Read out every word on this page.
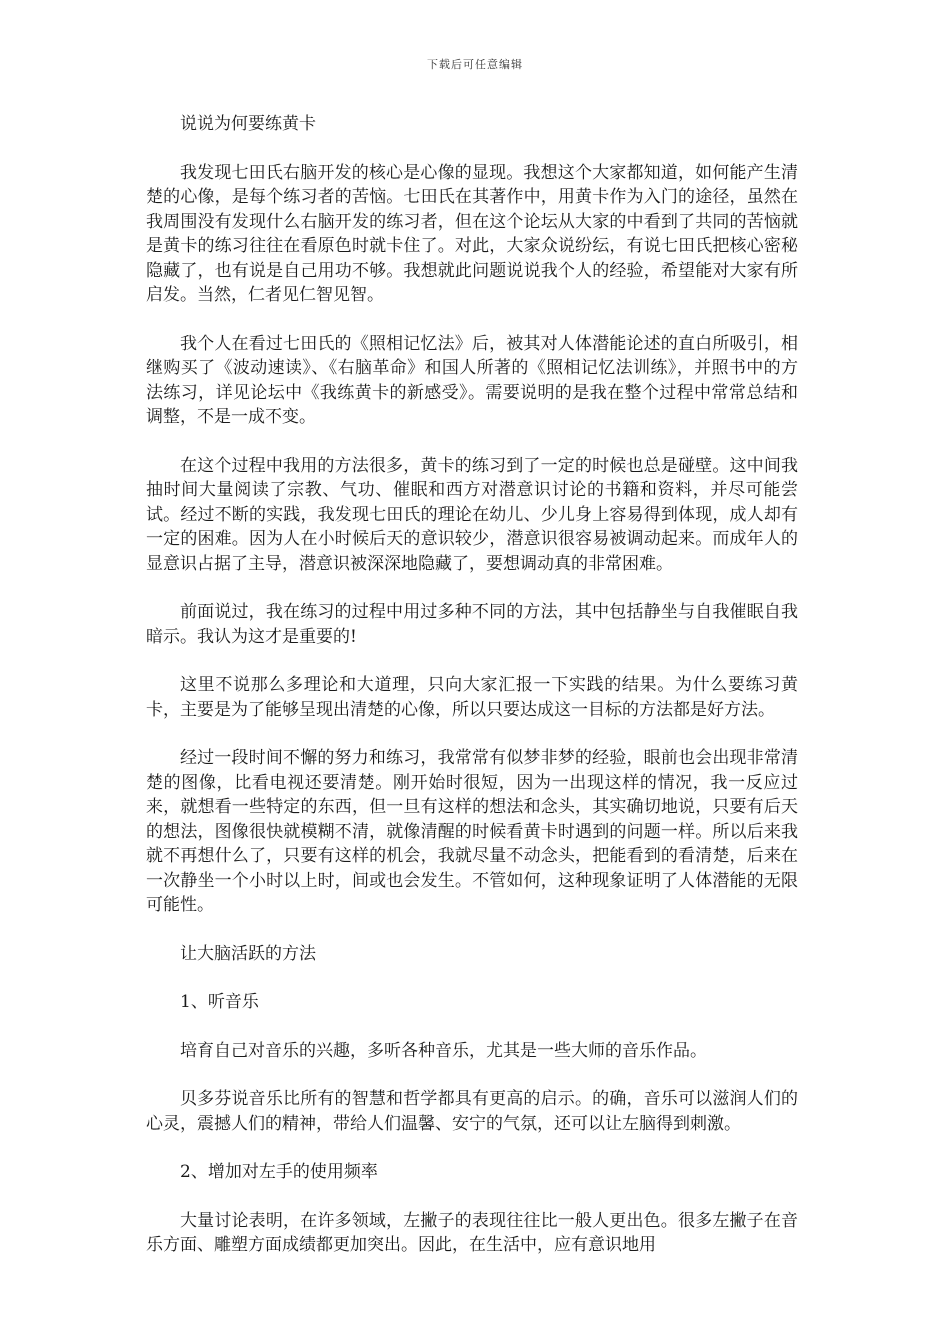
下载后可任意编辑

说说为何要练黄卡

我发现七田氏右脑开发的核心是心像的显现。我想这个大家都知道，如何能产生清楚的心像，是每个练习者的苦恼。七田氏在其著作中，用黄卡作为入门的途径，虽然在我周围没有发现什么右脑开发的练习者，但在这个论坛从大家的中看到了共同的苦恼就是黄卡的练习往往在看原色时就卡住了。对此，大家众说纷纭，有说七田氏把核心密秘隐藏了，也有说是自己用功不够。我想就此问题说说我个人的经验，希望能对大家有所启发。当然，仁者见仁智见智。

我个人在看过七田氏的《照相记忆法》后，被其对人体潜能论述的直白所吸引，相继购买了《波动速读》、《右脑革命》和国人所著的《照相记忆法训练》，并照书中的方法练习，详见论坛中《我练黄卡的新感受》。需要说明的是我在整个过程中常常总结和调整，不是一成不变。

在这个过程中我用的方法很多，黄卡的练习到了一定的时候也总是碰壁。这中间我抽时间大量阅读了宗教、气功、催眠和西方对潜意识讨论的书籍和资料，并尽可能尝试。经过不断的实践，我发现七田氏的理论在幼儿、少儿身上容易得到体现，成人却有一定的困难。因为人在小时候后天的意识较少，潜意识很容易被调动起来。而成年人的显意识占据了主导，潜意识被深深地隐藏了，要想调动真的非常困难。

前面说过，我在练习的过程中用过多种不同的方法，其中包括静坐与自我催眠自我暗示。我认为这才是重要的!

这里不说那么多理论和大道理，只向大家汇报一下实践的结果。为什么要练习黄卡，主要是为了能够呈现出清楚的心像，所以只要达成这一目标的方法都是好方法。

经过一段时间不懈的努力和练习，我常常有似梦非梦的经验，眼前也会出现非常清楚的图像，比看电视还要清楚。刚开始时很短，因为一出现这样的情况，我一反应过来，就想看一些特定的东西，但一旦有这样的想法和念头，其实确切地说，只要有后天的想法，图像很快就模糊不清，就像清醒的时候看黄卡时遇到的问题一样。所以后来我就不再想什么了，只要有这样的机会，我就尽量不动念头，把能看到的看清楚，后来在一次静坐一个小时以上时，间或也会发生。不管如何，这种现象证明了人体潜能的无限可能性。

让大脑活跃的方法

1、听音乐

培育自己对音乐的兴趣，多听各种音乐，尤其是一些大师的音乐作品。

贝多芬说音乐比所有的智慧和哲学都具有更高的启示。的确，音乐可以滋润人们的心灵，震撼人们的精神，带给人们温馨、安宁的气氛，还可以让左脑得到刺激。

2、增加对左手的使用频率

大量讨论表明，在许多领域，左撇子的表现往往比一般人更出色。很多左撇子在音乐方面、雕塑方面成绩都更加突出。因此，在生活中，应有意识地用
